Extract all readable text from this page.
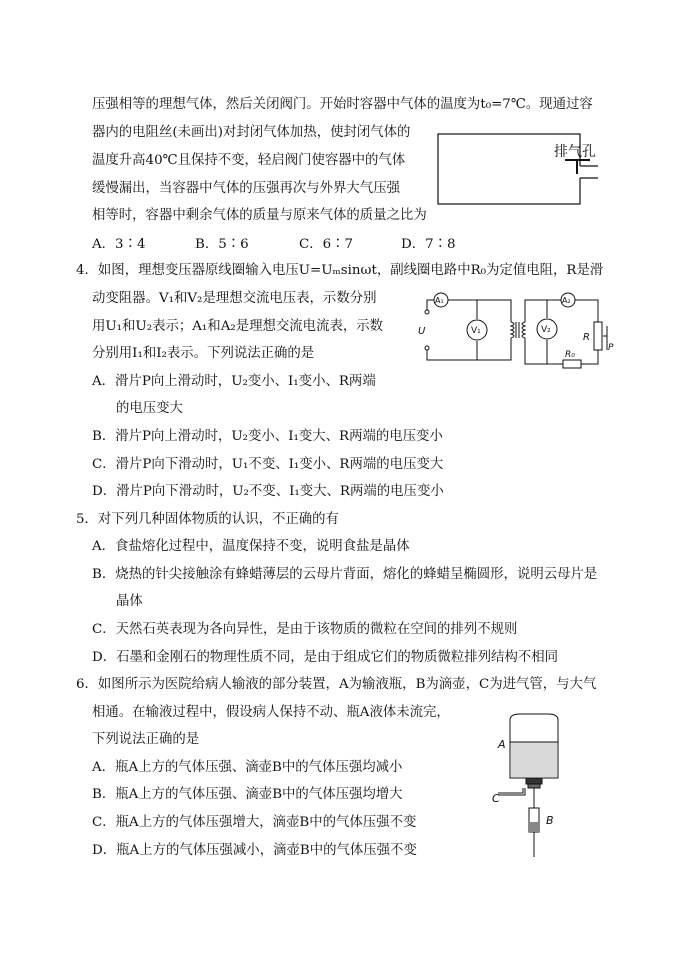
压强相等的理想气体，然后关闭阀门。开始时容器中气体的温度为t₀=7℃。现通过容
器内的电阻丝(未画出)对封闭气体加热，使封闭气体的
温度升高40℃且保持不变，轻启阀门使容器中的气体
缓慢漏出，当容器中气体的压强再次与外界大气压强
相等时，容器中剩余气体的质量与原来气体的质量之比为
A．3∶4	B．5∶6	C．6∶7	D．7∶8
排气孔
4．如图，理想变压器原线圈输入电压U=Uₘsinωt，副线圈电路中R₀为定值电阻，R是滑
动变阻器。V₁和V₂是理想交流电压表，示数分别
用U₁和U₂表示；A₁和A₂是理想交流电流表，示数
分别用I₁和I₂表示。下列说法正确的是
A．滑片P向上滑动时，U₂变小、I₁变小、R两端
的电压变大
B．滑片P向上滑动时，U₂变小、I₁变大、R两端的电压变小
C．滑片P向下滑动时，U₁不变、I₁变小、R两端的电压变大
D．滑片P向下滑动时，U₂不变、I₁变大、R两端的电压变小
A₁
V₁
A₂
V₂
U
R
R₀
P
5．对下列几种固体物质的认识，不正确的有
A．食盐熔化过程中，温度保持不变，说明食盐是晶体
B．烧热的针尖接触涂有蜂蜡薄层的云母片背面，熔化的蜂蜡呈椭圆形，说明云母片是
晶体
C．天然石英表现为各向异性，是由于该物质的微粒在空间的排列不规则
D．石墨和金刚石的物理性质不同，是由于组成它们的物质微粒排列结构不相同
6．如图所示为医院给病人输液的部分装置，A为输液瓶，B为滴壶，C为进气管，与大气
相通。在输液过程中，假设病人保持不动、瓶A液体未流完，
下列说法正确的是
A．瓶A上方的气体压强、滴壶B中的气体压强均减小
B．瓶A上方的气体压强、滴壶B中的气体压强均增大
C．瓶A上方的气体压强增大，滴壶B中的气体压强不变
D．瓶A上方的气体压强减小，滴壶B中的气体压强不变
A
C
B
